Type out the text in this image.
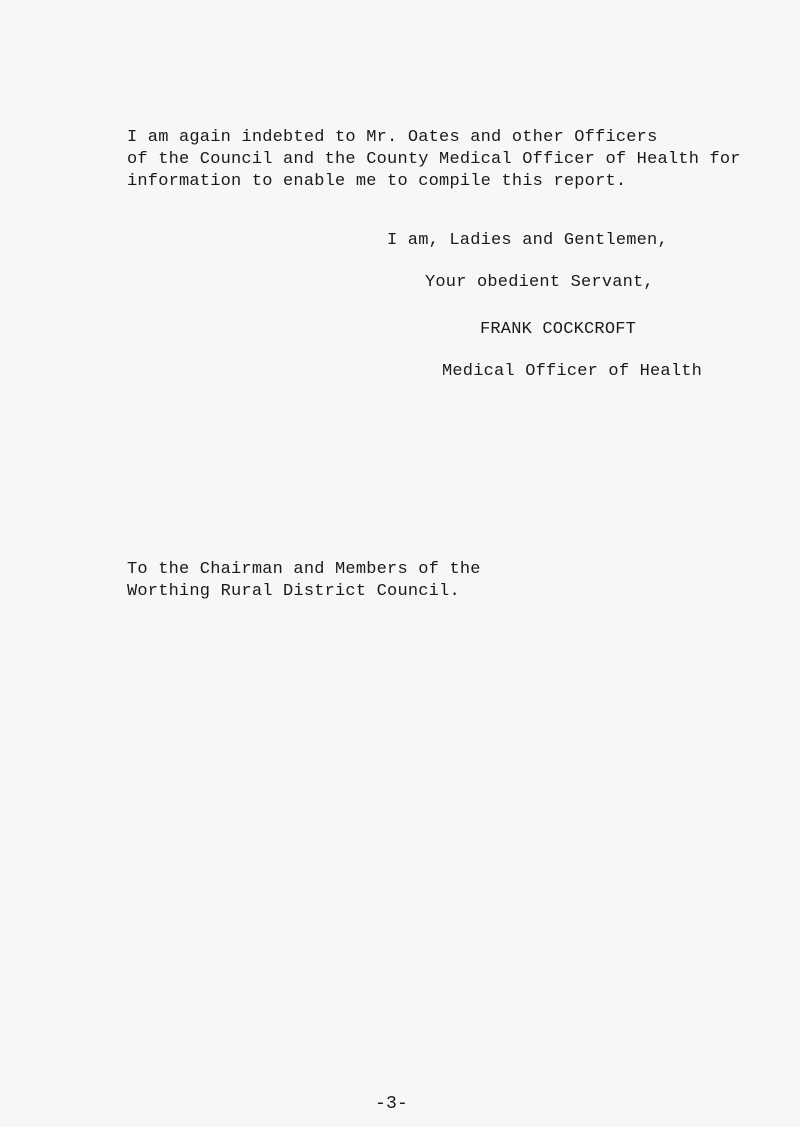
I am again indebted to Mr. Oates and other Officers
of the Council and the County Medical Officer of Health for
information to enable me to compile this report.
I am, Ladies and Gentlemen,
Your obedient Servant,
FRANK COCKCROFT
Medical Officer of Health
To the Chairman and Members of the
Worthing Rural District Council.
-3-
